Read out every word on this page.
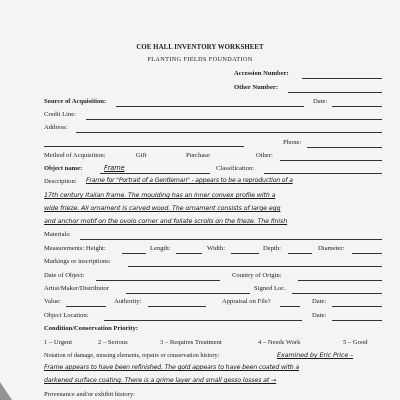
COE HALL INVENTORY WORKSHEET
PLANTING FIELDS FOUNDATION
Accession Number:
Other Number:
Source of Acquisition:	Date:
Credit Line:
Address:
Phone:
Method of Acquisition:	Gift	Purchase	Other:
Object name:	Frame	Classification:
Description: Frame for "Portrait of a Gentleman" - appears to be a reproduction of a
17th century Italian frame. The moulding has an inner convex profile with a
wide frieze. All ornament is carved wood. The ornament consists of large egg
and anchor motif on the ovolo corner and foliate scrolls on the frieze. The finish
Materials:
Measurements: Height:	Length:	Width:	Depth:	Diameter:
Markings or inscriptions:
Date of Object:	Country of Origin:
Artist/Maker/Distributor	Signed Loc.
Value:	Authority:	Appraisal on File?	Date:
Object Location:	Date:
Condition/Conservation Priority:
1 – Urgent	2 – Serious	3 – Requires Treatment	4 – Needs Work	5 – Good
Notation of damage, missing elements, repairs or conservation history:	Examined by Eric Price –
Frame appears to have been refinished. The gold appears to have been coated with a
darkened surface coating. There is a grime layer and small gesso losses at →
Provenance and/or exhibit history:
